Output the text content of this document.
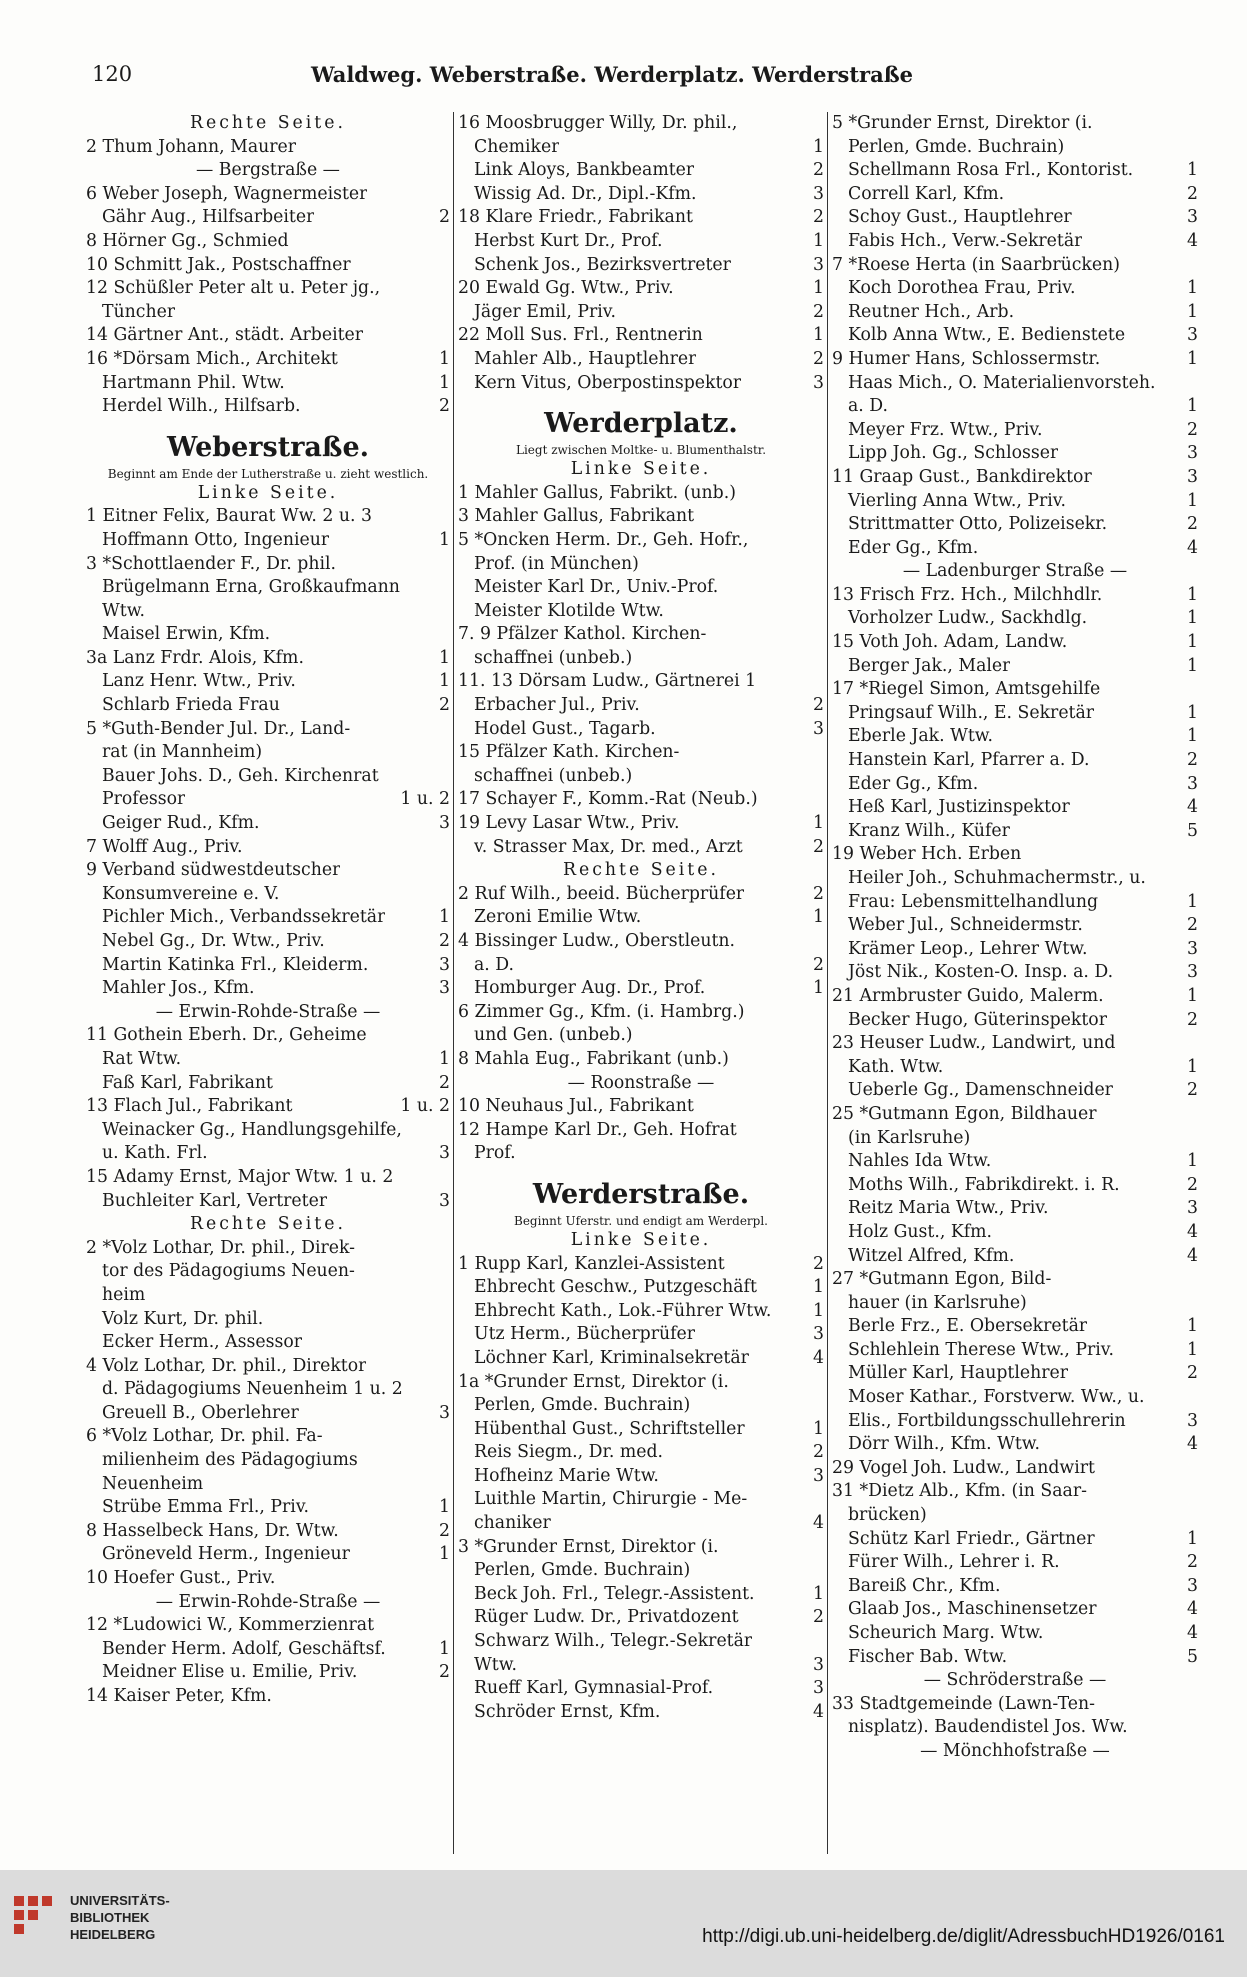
120	Waldweg. Weberstraße. Werderplatz. Werderstraße
Rechte Seite.
2 Thum Johann, Maurer
— Bergstraße —
6 Weber Joseph, Wagnermeister
Gähr Aug., Hilfsarbeiter	2
8 Hörner Gg., Schmied
10 Schmitt Jak., Postschaffner
12 Schüßler Peter alt u. Peter jg.,
Tüncher
14 Gärtner Ant., städt. Arbeiter
16 *Dörsam Mich., Architekt	1
Hartmann Phil. Wtw.	1
Herdel Wilh., Hilfsarb.	2
Weberstraße.
Beginnt am Ende der Lutherstraße u. zieht westlich.
Linke Seite.
1 Eitner Felix, Baurat Ww. 2 u. 3
Hoffmann Otto, Ingenieur	1
3 *Schottlaender F., Dr. phil.
Brügelmann Erna, Großkaufmann
Wtw.
Maisel Erwin, Kfm.
3a Lanz Frdr. Alois, Kfm.	1
Lanz Henr. Wtw., Priv.	1
Schlarb Frieda Frau	2
5 *Guth-Bender Jul. Dr., Land-
rat (in Mannheim)
Bauer Johs. D., Geh. Kirchenrat
Professor	1 u. 2
Geiger Rud., Kfm.	3
7 Wolff Aug., Priv.
9 Verband südwestdeutscher
Konsumvereine e. V.
Pichler Mich., Verbandssekretär	1
Nebel Gg., Dr. Wtw., Priv.	2
Martin Katinka Frl., Kleiderm.	3
Mahler Jos., Kfm.	3
— Erwin-Rohde-Straße —
11 Gothein Eberh. Dr., Geheime
Rat Wtw.	1
Faß Karl, Fabrikant	2
13 Flach Jul., Fabrikant	1 u. 2
Weinacker Gg., Handlungsgehilfe,
u. Kath. Frl.	3
15 Adamy Ernst, Major Wtw. 1 u. 2
Buchleiter Karl, Vertreter	3
Rechte Seite.
2 *Volz Lothar, Dr. phil., Direk-
tor des Pädagogiums Neuen-
heim
Volz Kurt, Dr. phil.
Ecker Herm., Assessor
4 Volz Lothar, Dr. phil., Direktor
d. Pädagogiums Neuenheim 1 u. 2
Greuell B., Oberlehrer	3
6 *Volz Lothar, Dr. phil. Fa-
milienheim des Pädagogiums
Neuenheim
Strübe Emma Frl., Priv.	1
8 Hasselbeck Hans, Dr. Wtw.	2
Gröneveld Herm., Ingenieur	1
10 Hoefer Gust., Priv.
— Erwin-Rohde-Straße —
12 *Ludowici W., Kommerzienrat
Bender Herm. Adolf, Geschäftsf.	1
Meidner Elise u. Emilie, Priv.	2
14 Kaiser Peter, Kfm.
16 Moosbrugger Willy, Dr. phil.,
Chemiker	1
Link Aloys, Bankbeamter	2
Wissig Ad. Dr., Dipl.-Kfm.	3
18 Klare Friedr., Fabrikant	2
Herbst Kurt Dr., Prof.	1
Schenk Jos., Bezirksvertreter	3
20 Ewald Gg. Wtw., Priv.	1
Jäger Emil, Priv.	2
22 Moll Sus. Frl., Rentnerin	1
Mahler Alb., Hauptlehrer	2
Kern Vitus, Oberpostinspektor	3
Werderplatz.
Liegt zwischen Moltke- u. Blumenthalstr.
Linke Seite.
1 Mahler Gallus, Fabrikt. (unb.)
3 Mahler Gallus, Fabrikant
5 *Oncken Herm. Dr., Geh. Hofr.,
Prof. (in München)
Meister Karl Dr., Univ.-Prof.
Meister Klotilde Wtw.
7. 9 Pfälzer Kathol. Kirchen-
schaffnei (unbeb.)
11. 13 Dörsam Ludw., Gärtnerei 1
Erbacher Jul., Priv.	2
Hodel Gust., Tagarb.	3
15 Pfälzer Kath. Kirchen-
schaffnei (unbeb.)
17 Schayer F., Komm.-Rat (Neub.)
19 Levy Lasar Wtw., Priv.	1
v. Strasser Max, Dr. med., Arzt	2
Rechte Seite.
2 Ruf Wilh., beeid. Bücherprüfer	2
Zeroni Emilie Wtw.	1
4 Bissinger Ludw., Oberstleutn.
a. D.	2
Homburger Aug. Dr., Prof.	1
6 Zimmer Gg., Kfm. (i. Hambrg.)
und Gen. (unbeb.)
8 Mahla Eug., Fabrikant (unb.)
— Roonstraße —
10 Neuhaus Jul., Fabrikant
12 Hampe Karl Dr., Geh. Hofrat
Prof.
Werderstraße.
Beginnt Uferstr. und endigt am Werderpl.
Linke Seite.
1 Rupp Karl, Kanzlei-Assistent	2
Ehbrecht Geschw., Putzgeschäft	1
Ehbrecht Kath., Lok.-Führer Wtw. 1
Utz Herm., Bücherprüfer	3
Löchner Karl, Kriminalsekretär	4
1a *Grunder Ernst, Direktor (i.
Perlen, Gmde. Buchrain)
Hübenthal Gust., Schriftsteller	1
Reis Siegm., Dr. med.	2
Hofheinz Marie Wtw.	3
Luithle Martin, Chirurgie - Me-
chaniker	4
3 *Grunder Ernst, Direktor (i.
Perlen, Gmde. Buchrain)
Beck Joh. Frl., Telegr.-Assistent.	1
Rüger Ludw. Dr., Privatdozent	2
Schwarz Wilh., Telegr.-Sekretär
Wtw.	3
Rueff Karl, Gymnasial-Prof.	3
Schröder Ernst, Kfm.	4
5 *Grunder Ernst, Direktor (i.
Perlen, Gmde. Buchrain)
Schellmann Rosa Frl., Kontorist.	1
Correll Karl, Kfm.	2
Schoy Gust., Hauptlehrer	3
Fabis Hch., Verw.-Sekretär	4
7 *Roese Herta (in Saarbrücken)
Koch Dorothea Frau, Priv.	1
Reutner Hch., Arb.	1
Kolb Anna Wtw., E. Bedienstete	3
9 Humer Hans, Schlossermstr.	1
Haas Mich., O. Materialienvorsteh.
a. D.	1
Meyer Frz. Wtw., Priv.	2
Lipp Joh. Gg., Schlosser	3
11 Graap Gust., Bankdirektor	3
Vierling Anna Wtw., Priv.	1
Strittmatter Otto, Polizeisekr.	2
Eder Gg., Kfm.	4
— Ladenburger Straße —
13 Frisch Frz. Hch., Milchhdlr.	1
Vorholzer Ludw., Sackhdlg.	1
15 Voth Joh. Adam, Landw.	1
Berger Jak., Maler	1
17 *Riegel Simon, Amtsgehilfe
Pringsauf Wilh., E. Sekretär	1
Eberle Jak. Wtw.	1
Hanstein Karl, Pfarrer a. D.	2
Eder Gg., Kfm.	3
Heß Karl, Justizinspektor	4
Kranz Wilh., Küfer	5
19 Weber Hch. Erben
Heiler Joh., Schuhmachermstr., u.
Frau: Lebensmittelhandlung	1
Weber Jul., Schneidermstr.	2
Krämer Leop., Lehrer Wtw.	3
Jöst Nik., Kosten-O. Insp. a. D.	3
21 Armbruster Guido, Malerm.	1
Becker Hugo, Güterinspektor	2
23 Heuser Ludw., Landwirt, und
Kath. Wtw.	1
Ueberle Gg., Damenschneider	2
25 *Gutmann Egon, Bildhauer
(in Karlsruhe)
Nahles Ida Wtw.	1
Moths Wilh., Fabrikdirekt. i. R.	2
Reitz Maria Wtw., Priv.	3
Holz Gust., Kfm.	4
Witzel Alfred, Kfm.	4
27 *Gutmann Egon, Bild-
hauer (in Karlsruhe)
Berle Frz., E. Obersekretär	1
Schlehlein Therese Wtw., Priv.	1
Müller Karl, Hauptlehrer	2
Moser Kathar., Forstverw. Ww., u.
Elis., Fortbildungsschullehrerin	3
Dörr Wilh., Kfm. Wtw.	4
29 Vogel Joh. Ludw., Landwirt
31 *Dietz Alb., Kfm. (in Saar-
brücken)
Schütz Karl Friedr., Gärtner	1
Fürer Wilh., Lehrer i. R.	2
Bareiß Chr., Kfm.	3
Glaab Jos., Maschinensetzer	4
Scheurich Marg. Wtw.	4
Fischer Bab. Wtw.	5
— Schröderstraße —
33 Stadtgemeinde (Lawn-Ten-
nisplatz). Baudendistel Jos. Ww.
— Mönchhofstraße —
UNIVERSITÄTS-
BIBLIOTHEK
HEIDELBERG	http://digi.ub.uni-heidelberg.de/diglit/AdressbuchHD1926/0161
